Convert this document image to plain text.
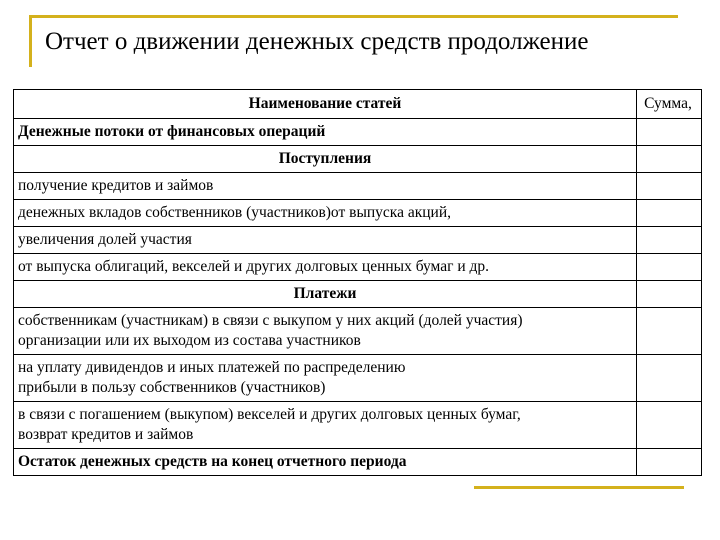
Отчет о движении денежных средств продолжение
Наименование статей	Сумма,
Денежные потоки от финансовых операций	
Поступления	
получение кредитов и займов	
денежных вкладов собственников (участников)от выпуска акций,	
увеличения долей участия	
от выпуска облигаций, векселей и других долговых ценных бумаг и др.	
Платежи	

собственникам (участникам) в связи с выкупом у них акций (долей участия)
организации или их выходом из состава участников	

на уплату дивидендов и иных платежей по распределению
прибыли в пользу собственников (участников)	

в связи с погашением (выкупом) векселей и других долговых ценных бумаг,
возврат кредитов и займов	

Остаток денежных средств на конец отчетного периода	
